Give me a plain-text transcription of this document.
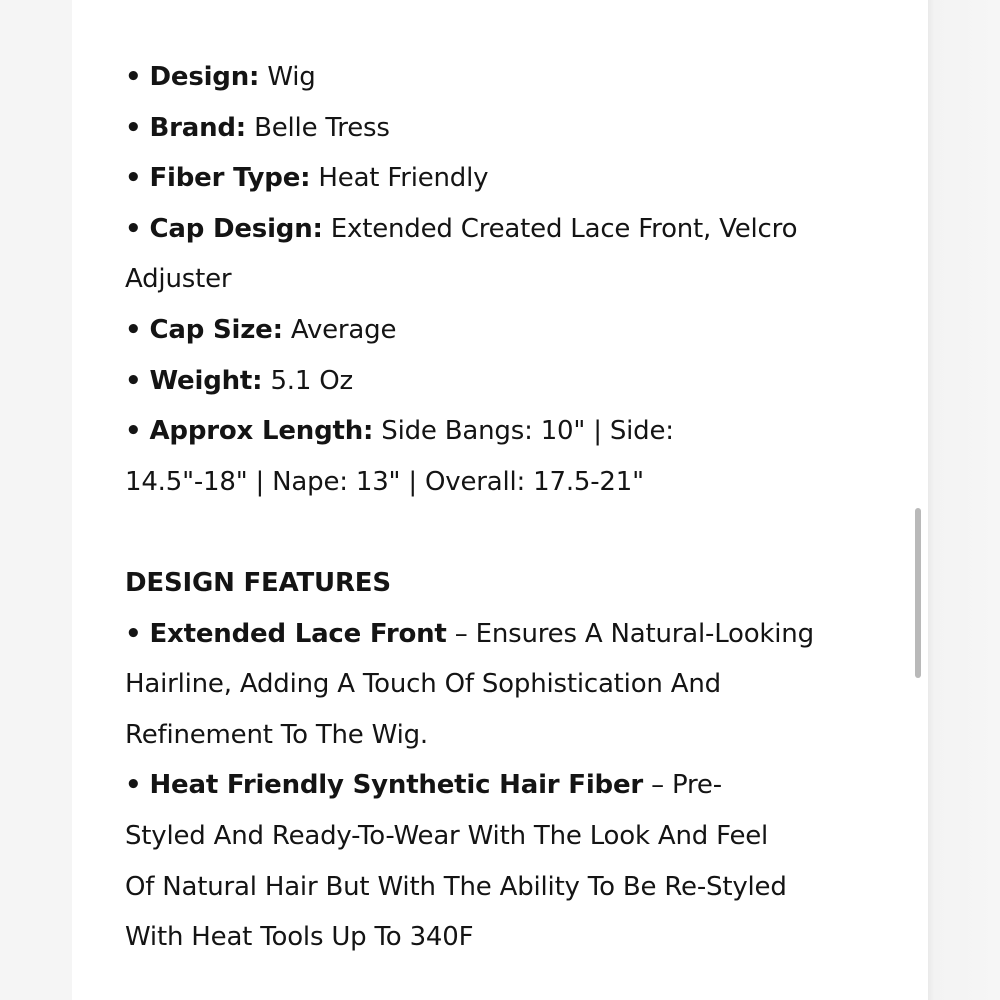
• Design: Wig
• Brand: Belle Tress
• Fiber Type: Heat Friendly
• Cap Design: Extended Created Lace Front, Velcro
Adjuster
• Cap Size: Average
• Weight: 5.1 Oz
• Approx Length: Side Bangs: 10" | Side:
14.5"-18" | Nape: 13" | Overall: 17.5-21"
DESIGN FEATURES
• Extended Lace Front – Ensures A Natural-Looking
Hairline, Adding A Touch Of Sophistication And
Refinement To The Wig.
• Heat Friendly Synthetic Hair Fiber – Pre-
Styled And Ready-To-Wear With The Look And Feel
Of Natural Hair But With The Ability To Be Re-Styled
With Heat Tools Up To 340F
